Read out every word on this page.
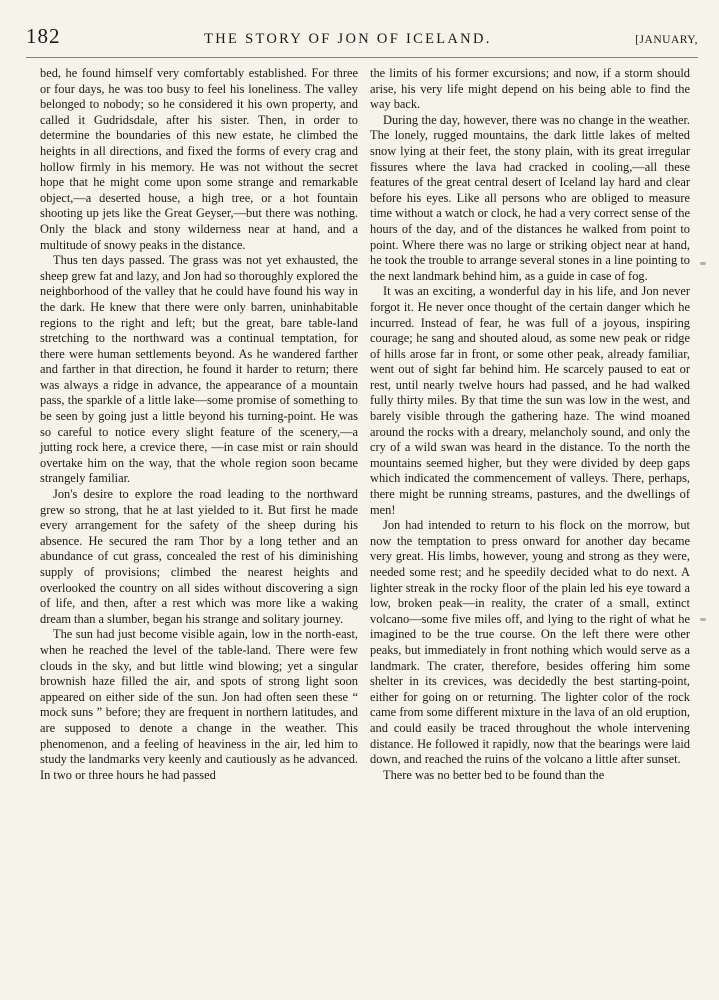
182	THE STORY OF JON OF ICELAND.	[JANUARY,

bed, he found himself very comfortably established. For three or four days, he was too busy to feel his loneliness. The valley belonged to nobody; so he considered it his own property, and called it Gudridsdale, after his sister. Then, in order to determine the boundaries of this new estate, he climbed the heights in all directions, and fixed the forms of every crag and hollow firmly in his memory. He was not without the secret hope that he might come upon some strange and remarkable object,—a deserted house, a high tree, or a hot fountain shooting up jets like the Great Geyser,—but there was nothing. Only the black and stony wilderness near at hand, and a multitude of snowy peaks in the distance.

Thus ten days passed. The grass was not yet exhausted, the sheep grew fat and lazy, and Jon had so thoroughly explored the neighborhood of the valley that he could have found his way in the dark. He knew that there were only barren, uninhabitable regions to the right and left; but the great, bare table-land stretching to the northward was a continual temptation, for there were human settlements beyond. As he wandered farther and farther in that direction, he found it harder to return; there was always a ridge in advance, the appearance of a mountain pass, the sparkle of a little lake—some promise of something to be seen by going just a little beyond his turning-point. He was so careful to notice every slight feature of the scenery,—a jutting rock here, a crevice there, —in case mist or rain should overtake him on the way, that the whole region soon became strangely familiar.

Jon's desire to explore the road leading to the northward grew so strong, that he at last yielded to it. But first he made every arrangement for the safety of the sheep during his absence. He secured the ram Thor by a long tether and an abundance of cut grass, concealed the rest of his diminishing supply of provisions; climbed the nearest heights and overlooked the country on all sides without discovering a sign of life, and then, after a rest which was more like a waking dream than a slumber, began his strange and solitary journey.

The sun had just become visible again, low in the north-east, when he reached the level of the table-land. There were few clouds in the sky, and but little wind blowing; yet a singular brownish haze filled the air, and spots of strong light soon appeared on either side of the sun. Jon had often seen these “ mock suns ” before; they are frequent in northern latitudes, and are supposed to denote a change in the weather. This phenomenon, and a feeling of heaviness in the air, led him to study the landmarks very keenly and cautiously as he advanced. In two or three hours he had passed

the limits of his former excursions; and now, if a storm should arise, his very life might depend on his being able to find the way back.

During the day, however, there was no change in the weather. The lonely, rugged mountains, the dark little lakes of melted snow lying at their feet, the stony plain, with its great irregular fissures where the lava had cracked in cooling,—all these features of the great central desert of Iceland lay hard and clear before his eyes. Like all persons who are obliged to measure time without a watch or clock, he had a very correct sense of the hours of the day, and of the distances he walked from point to point. Where there was no large or striking object near at hand, he took the trouble to arrange several stones in a line pointing to the next landmark behind him, as a guide in case of fog.

It was an exciting, a wonderful day in his life, and Jon never forgot it. He never once thought of the certain danger which he incurred. Instead of fear, he was full of a joyous, inspiring courage; he sang and shouted aloud, as some new peak or ridge of hills arose far in front, or some other peak, already familiar, went out of sight far behind him. He scarcely paused to eat or rest, until nearly twelve hours had passed, and he had walked fully thirty miles. By that time the sun was low in the west, and barely visible through the gathering haze. The wind moaned around the rocks with a dreary, melancholy sound, and only the cry of a wild swan was heard in the distance. To the north the mountains seemed higher, but they were divided by deep gaps which indicated the commencement of valleys. There, perhaps, there might be running streams, pastures, and the dwellings of men!

Jon had intended to return to his flock on the morrow, but now the temptation to press onward for another day became very great. His limbs, however, young and strong as they were, needed some rest; and he speedily decided what to do next. A lighter streak in the rocky floor of the plain led his eye toward a low, broken peak—in reality, the crater of a small, extinct volcano—some five miles off, and lying to the right of what he imagined to be the true course. On the left there were other peaks, but immediately in front nothing which would serve as a landmark. The crater, therefore, besides offering him some shelter in its crevices, was decidedly the best starting-point, either for going on or returning. The lighter color of the rock came from some different mixture in the lava of an old eruption, and could easily be traced throughout the whole intervening distance. He followed it rapidly, now that the bearings were laid down, and reached the ruins of the volcano a little after sunset.

There was no better bed to be found than the
